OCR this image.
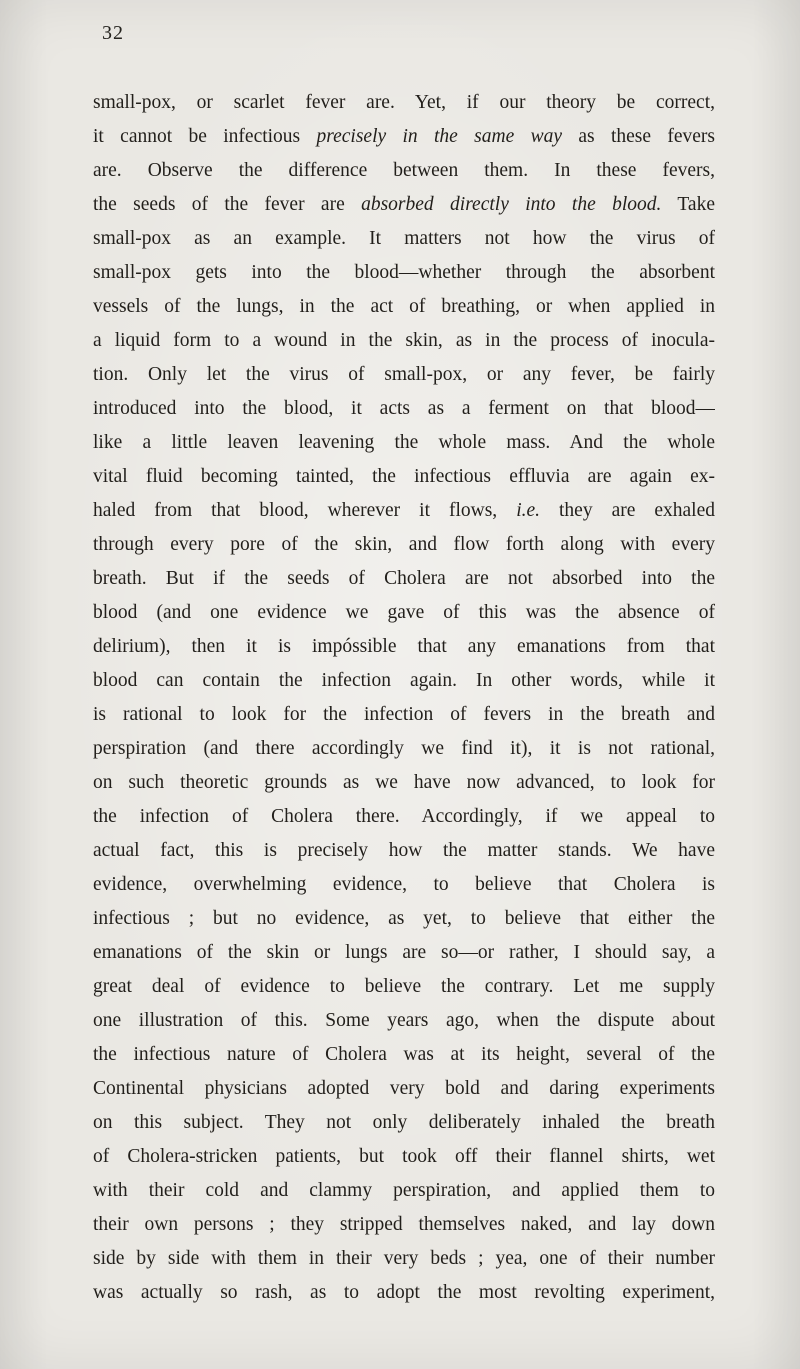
32
small-pox, or scarlet fever are. Yet, if our theory be correct,
it cannot be infectious precisely in the same way as these fevers
are. Observe the difference between them. In these fevers,
the seeds of the fever are absorbed directly into the blood. Take
small-pox as an example. It matters not how the virus of
small-pox gets into the blood—whether through the absorbent
vessels of the lungs, in the act of breathing, or when applied in
a liquid form to a wound in the skin, as in the process of inocula-
tion. Only let the virus of small-pox, or any fever, be fairly
introduced into the blood, it acts as a ferment on that blood—
like a little leaven leavening the whole mass. And the whole
vital fluid becoming tainted, the infectious effluvia are again ex-
haled from that blood, wherever it flows, i.e. they are exhaled
through every pore of the skin, and flow forth along with every
breath. But if the seeds of Cholera are not absorbed into the
blood (and one evidence we gave of this was the absence of
delirium), then it is impóssible that any emanations from that
blood can contain the infection again. In other words, while it
is rational to look for the infection of fevers in the breath and
perspiration (and there accordingly we find it), it is not rational,
on such theoretic grounds as we have now advanced, to look for
the infection of Cholera there. Accordingly, if we appeal to
actual fact, this is precisely how the matter stands. We have
evidence, overwhelming evidence, to believe that Cholera is
infectious ; but no evidence, as yet, to believe that either the
emanations of the skin or lungs are so—or rather, I should say, a
great deal of evidence to believe the contrary. Let me supply
one illustration of this. Some years ago, when the dispute about
the infectious nature of Cholera was at its height, several of the
Continental physicians adopted very bold and daring experiments
on this subject. They not only deliberately inhaled the breath
of Cholera-stricken patients, but took off their flannel shirts, wet
with their cold and clammy perspiration, and applied them to
their own persons ; they stripped themselves naked, and lay down
side by side with them in their very beds ; yea, one of their number
was actually so rash, as to adopt the most revolting experiment,
